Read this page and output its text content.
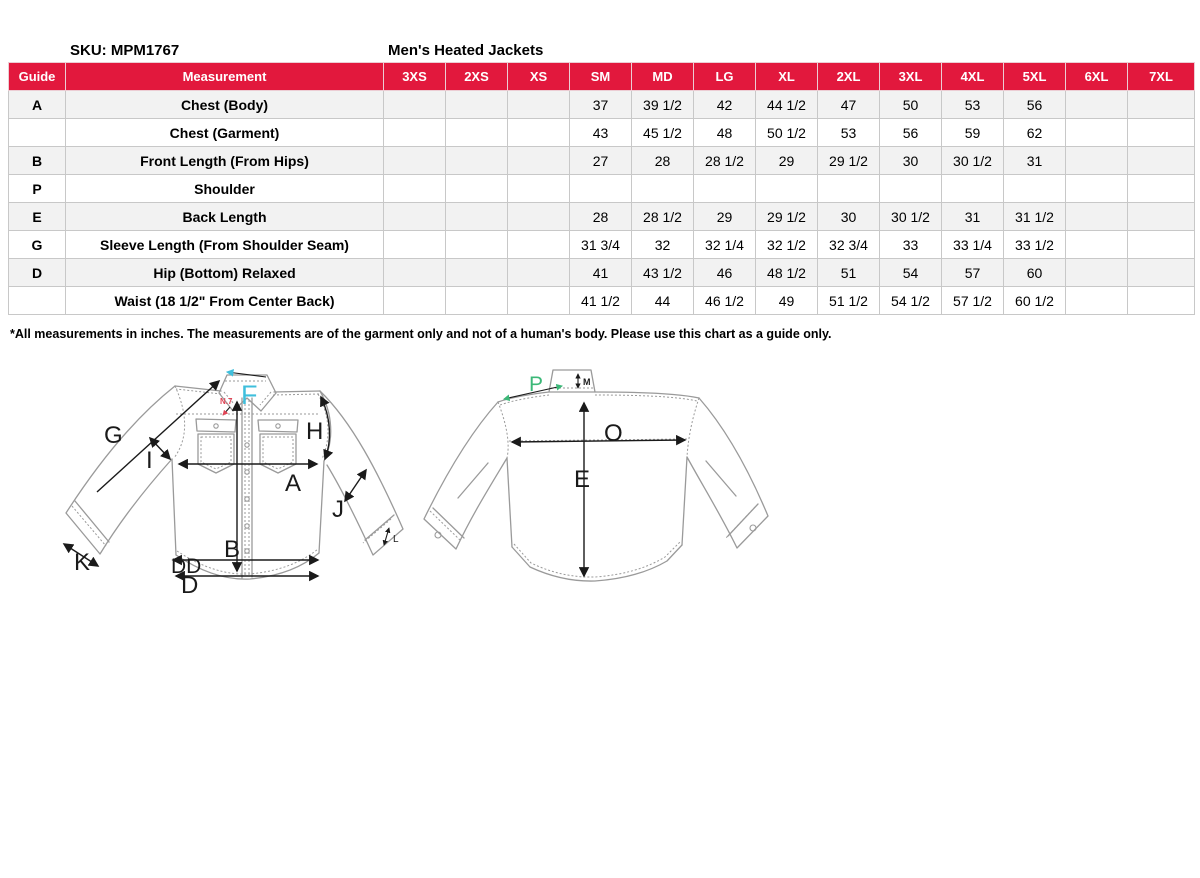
SKU: MPM1767	Men's Heated Jackets
Guide	Measurement	3XS	2XS	XS	SM	MD	LG	XL	2XL	3XL	4XL	5XL	6XL	7XL
A	Chest (Body)				37	39 1/2	42	44 1/2	47	50	53	56		
	Chest (Garment)				43	45 1/2	48	50 1/2	53	56	59	62		
B	Front Length (From Hips)				27	28	28 1/2	29	29 1/2	30	30 1/2	31		
P	Shoulder													
E	Back Length				28	28 1/2	29	29 1/2	30	30 1/2	31	31 1/2		
G	Sleeve Length (From Shoulder Seam)				31 3/4	32	32 1/4	32 1/2	32 3/4	33	33 1/4	33 1/2		
D	Hip (Bottom) Relaxed				41	43 1/2	46	48 1/2	51	54	57	60		
	Waist (18 1/2" From Center Back)				41 1/2	44	46 1/2	49	51 1/2	54 1/2	57 1/2	60 1/2		
*All measurements in inches. The measurements are of the garment only and not of a human's body. Please use this chart as a guide only.
G
I
F
N.7
H
A
J
B
K
L
DD
D
P	M
O
E
